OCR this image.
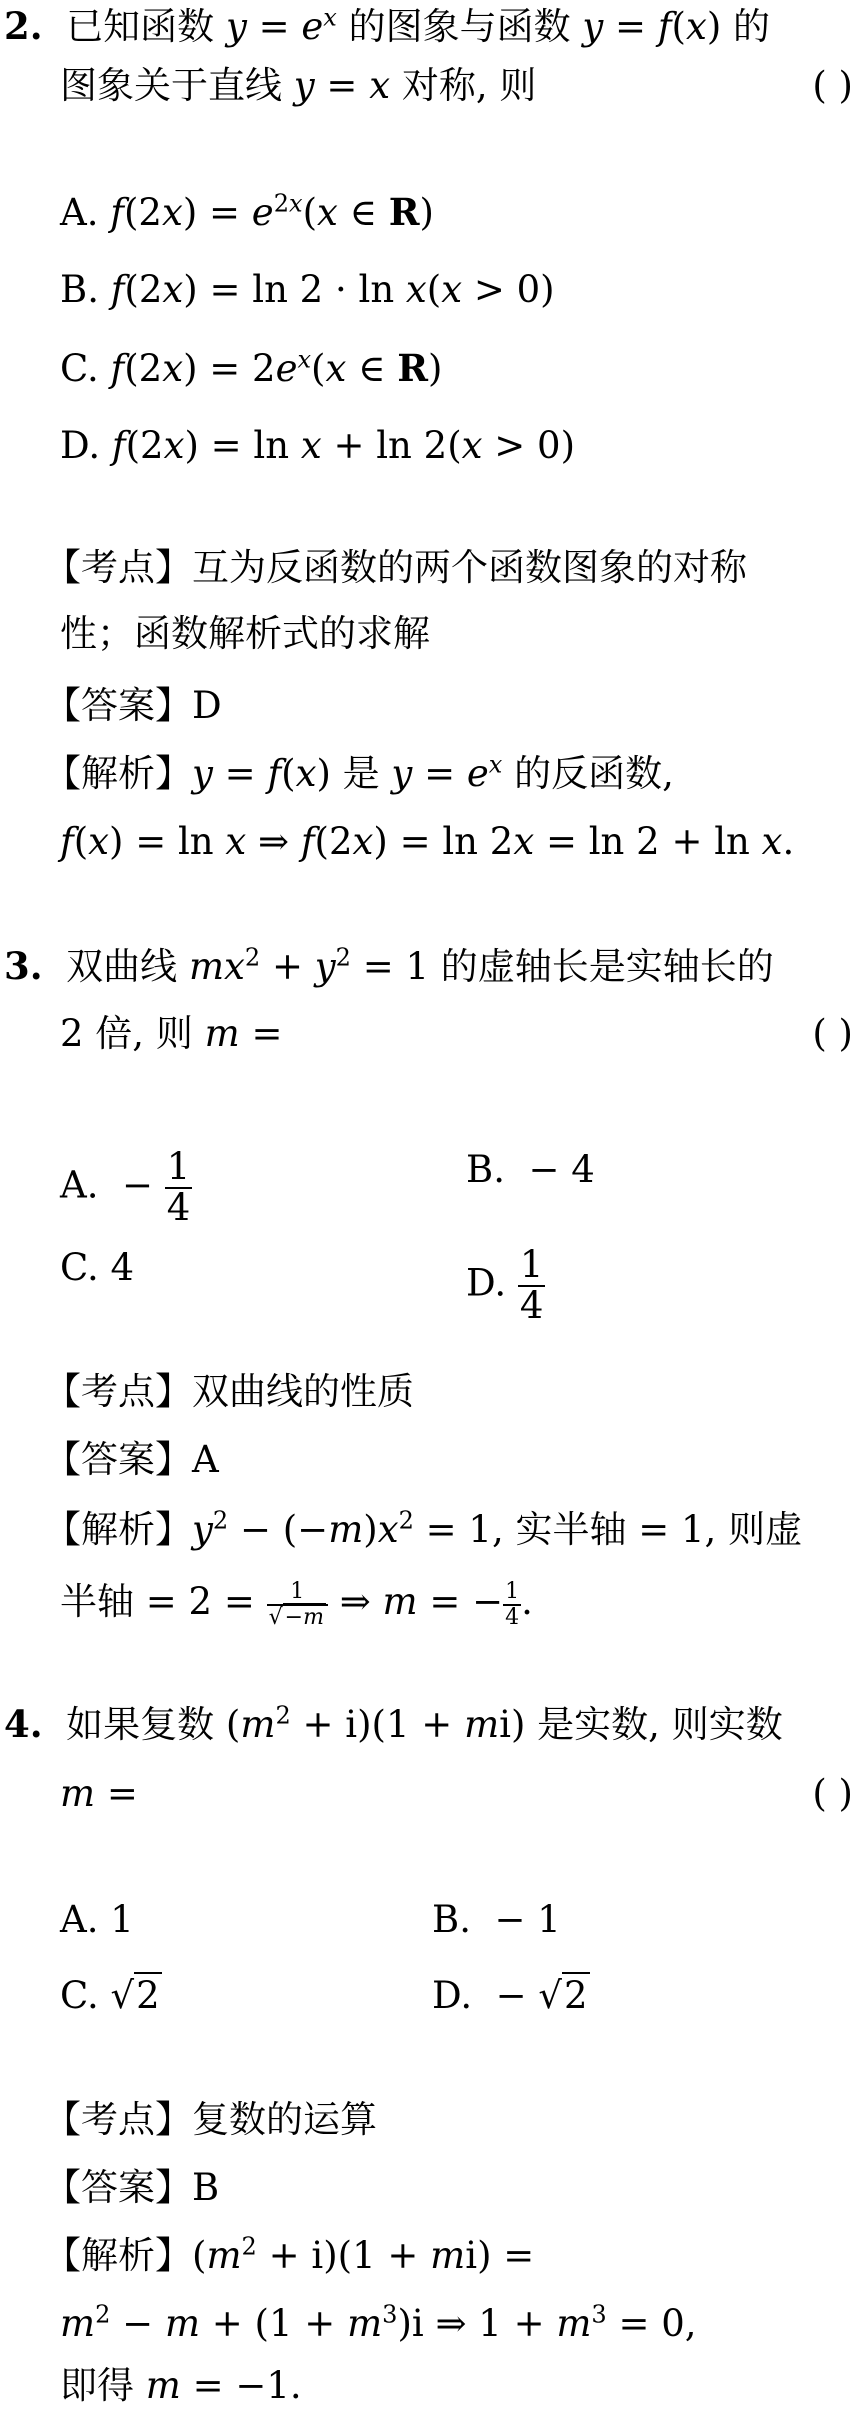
2.  已知函数 $y = e^x$ 的图象与函数 y = f(x) 的
图象关于直线 y = x 对称, 则	( )
A. $f(2x) = e^{2x}(x$ ∈ R)
B. f(2x) = ln 2 · ln x(x > 0)
C. $f(2x) = 2e^x(x$ ∈ R)
D. f(2x) = ln x + ln 2(x > 0)
【考点】互为反函数的两个函数图象的对称
性；函数解析式的求解
【答案】D
【解析】y = f(x) 是 $y = e^x$ 的反函数,
f(x) = ln x ⇒ f(2x) = ln 2x = ln 2 + ln x.
3.  双曲线 $mx^2 + y^2 = 1$ 的虚轴长是实轴长的
2 倍, 则 m =	( )
A.  − $\frac{1}{4}$	B.  − 4
C. 4	D. $\frac{1}{4}$
【考点】双曲线的性质
【答案】A
【解析】$y^2 - (-m)x^2 = 1$, 实半轴 = 1, 则虚
半轴 = $2 = \frac{1}{√-m}$ ⇒ m = − $\frac{1}{4}$ .
4.  如果复数 $(m^2 + i)(1 + mi)$ 是实数, 则实数
m =	( )
A. 1	B.  − 1
C. √2	D.  − √2
【考点】复数的运算
【答案】B
【解析】$(m^2 + i)(1 + mi)$ =
$m^2 - m + (1 + m^3)i$ ⇒ $1 + m^3 = 0$,
即得 m = −1.
